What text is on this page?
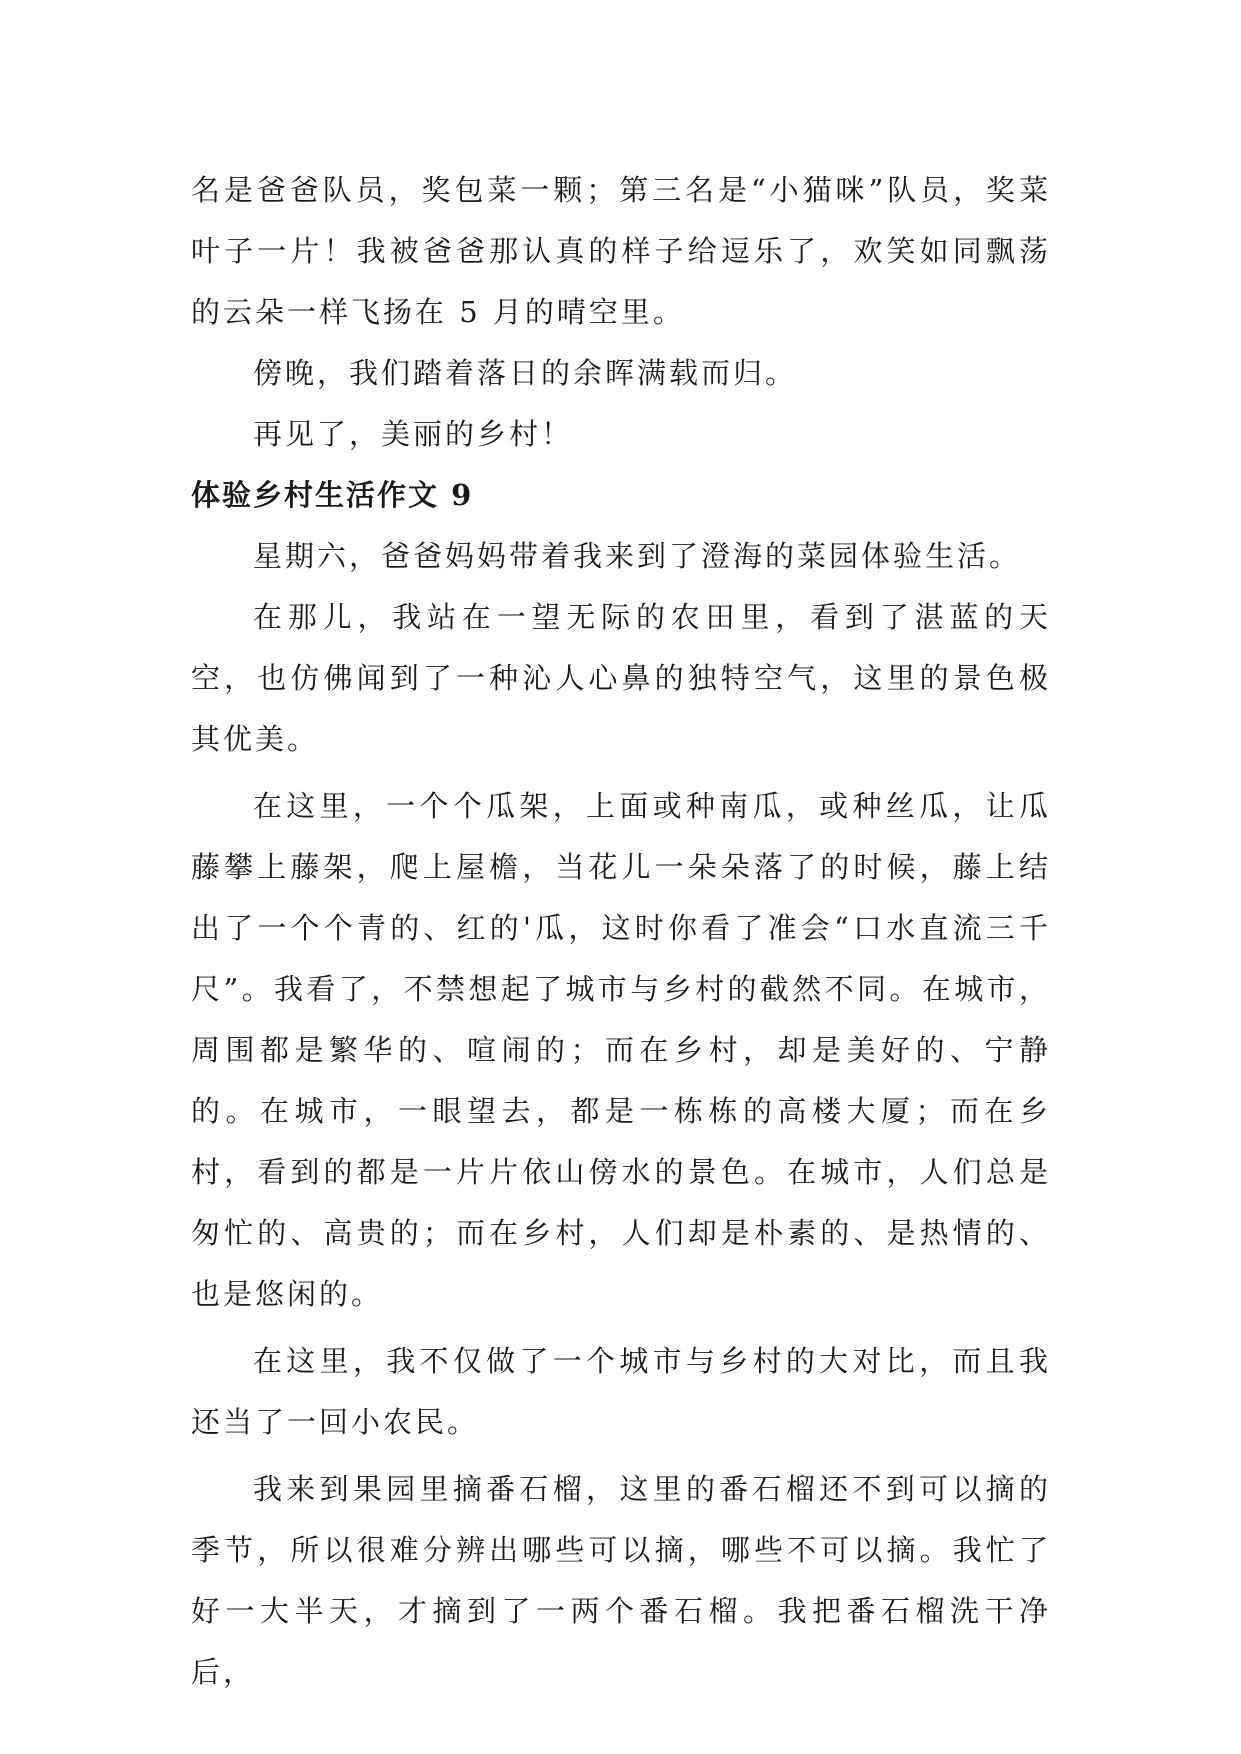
名是爸爸队员，奖包菜一颗；第三名是“小猫咪”队员，奖菜叶子一片！我被爸爸那认真的样子给逗乐了，欢笑如同飘荡的云朵一样飞扬在 5 月的晴空里。

傍晚，我们踏着落日的余晖满载而归。

再见了，美丽的乡村！

体验乡村生活作文 9

星期六，爸爸妈妈带着我来到了澄海的菜园体验生活。

在那儿，我站在一望无际的农田里，看到了湛蓝的天空，也仿佛闻到了一种沁人心鼻的独特空气，这里的景色极其优美。

在这里，一个个瓜架，上面或种南瓜，或种丝瓜，让瓜藤攀上藤架，爬上屋檐，当花儿一朵朵落了的时候，藤上结出了一个个青的、红的'瓜，这时你看了准会“口水直流三千尺”。我看了，不禁想起了城市与乡村的截然不同。在城市，周围都是繁华的、喧闹的；而在乡村，却是美好的、宁静的。在城市，一眼望去，都是一栋栋的高楼大厦；而在乡村，看到的都是一片片依山傍水的景色。在城市，人们总是匆忙的、高贵的；而在乡村，人们却是朴素的、是热情的、也是悠闲的。

在这里，我不仅做了一个城市与乡村的大对比，而且我还当了一回小农民。

我来到果园里摘番石榴，这里的番石榴还不到可以摘的季节，所以很难分辨出哪些可以摘，哪些不可以摘。我忙了好一大半天，才摘到了一两个番石榴。我把番石榴洗干净后，
